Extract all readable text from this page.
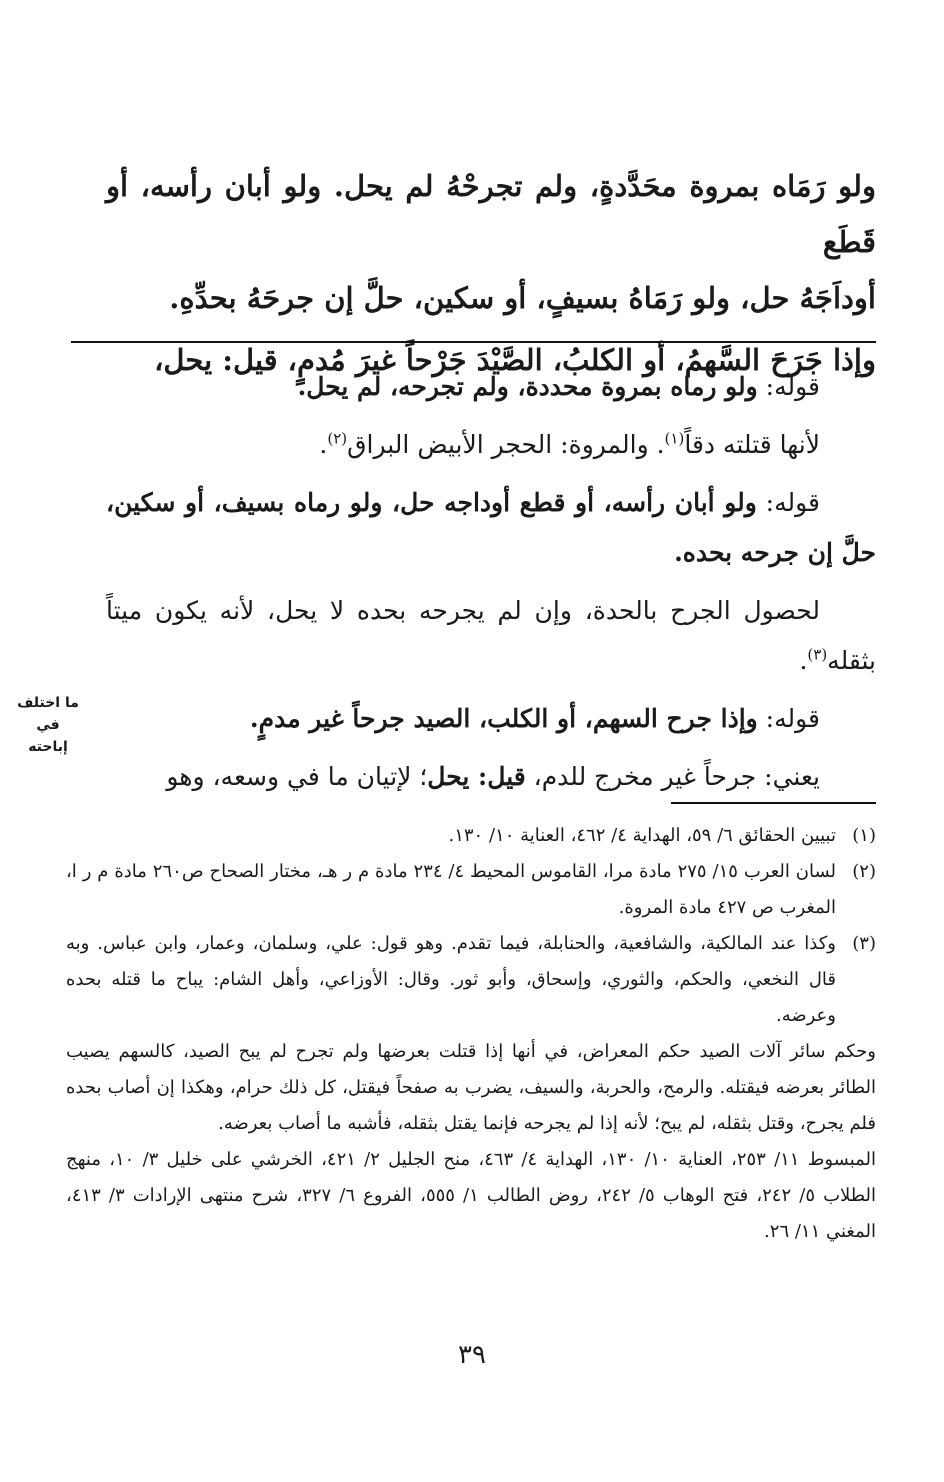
ولو رَمَاه بمروة محَدَّدةٍ، ولم تجرحْهُ لم يحل. ولو أبان رأسه، أو قَطَع

أوداَجَهُ حل، ولو رَمَاهُ بسيفٍ، أو سكين، حلَّ إن جرحَهُ بحدِّهِ.

وإذا جَرَحَ السَّهمُ، أو الكلبُ، الصَّيْدَ جَرْحاً غيرَ مُدمٍ، قيل: يحل،

قوله: ولو رماه بمروة محددة، ولم تجرحه، لم يحل.

لأنها قتلته دقاً$^{(١)}$. والمروة: الحجر الأبيض البراق$^{(٢)}$.

قوله: ولو أبان رأسه، أو قطع أوداجه حل، ولو رماه بسيف، أو سكين، حلَّ إن جرحه بحده.

لحصول الجرح بالحدة، وإن لم يجرحه بحده لا يحل، لأنه يكون ميتاً بثقله$^{(٣)}$.

قوله: وإذا جرح السهم، أو الكلب، الصيد جرحاً غير مدمٍ.

يعني: جرحاً غير مخرج للدم، قيل: يحل؛ لإتيان ما في وسعه، وهو

ما اختلف
في
إباحته
(١)

تبيين الحقائق ٦/ ٥٩، الهداية ٤/ ٤٦٢، العناية ١٠/ ١٣٠.

(٢)

لسان العرب ١٥/ ٢٧٥ مادة مرا، القاموس المحيط ٤/ ٢٣٤ مادة م ر هـ، مختار الصحاح ص٢٦٠ مادة م ر ا، المغرب ص ٤٢٧ مادة المروة.

(٣)

وكذا عند المالكية، والشافعية، والحنابلة، فيما تقدم. وهو قول: علي، وسلمان، وعمار، وابن عباس. وبه قال النخعي، والحكم، والثوري، وإسحاق، وأبو ثور. وقال: الأوزاعي، وأهل الشام: يباح ما قتله بحده وعرضه.

وحكم سائر آلات الصيد حكم المعراض، في أنها إذا قتلت بعرضها ولم تجرح لم يبح الصيد، كالسهم يصيب الطائر بعرضه فيقتله. والرمح، والحربة، والسيف، يضرب به صفحاً فيقتل، كل ذلك حرام، وهكذا إن أصاب بحده فلم يجرح، وقتل بثقله، لم يبح؛ لأنه إذا لم يجرحه فإنما يقتل بثقله، فأشبه ما أصاب بعرضه.

المبسوط ١١/ ٢٥٣، العناية ١٠/ ١٣٠، الهداية ٤/ ٤٦٣، منح الجليل ٢/ ٤٢١، الخرشي على خليل ٣/ ١٠، منهج الطلاب ٥/ ٢٤٢، فتح الوهاب ٥/ ٢٤٢، روض الطالب ١/ ٥٥٥، الفروع ٦/ ٣٢٧، شرح منتهى الإرادات ٣/ ٤١٣، المغني ١١/ ٢٦.

٣٩
